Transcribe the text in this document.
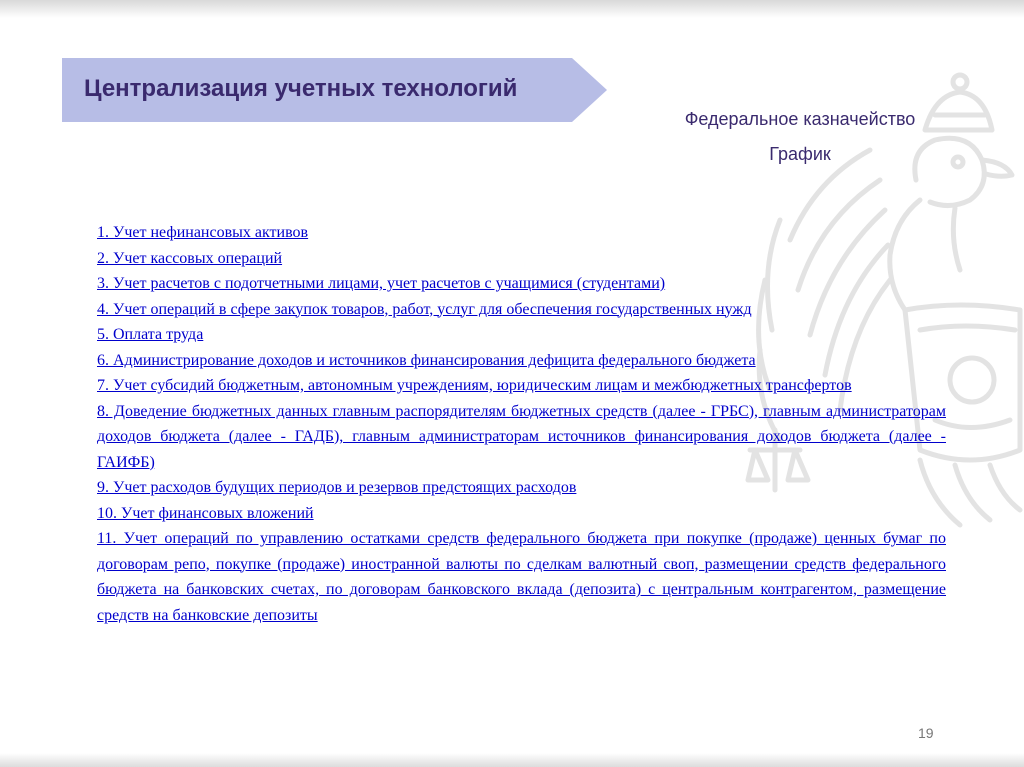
Централизация учетных технологий
Федеральное казначейство
График
1. Учет нефинансовых активов
2. Учет кассовых операций
3. Учет расчетов с подотчетными лицами, учет расчетов с учащимися (студентами)
4. Учет операций в сфере закупок товаров, работ, услуг для обеспечения государственных нужд
5. Оплата труда
6. Администрирование доходов и источников финансирования дефицита федерального бюджета
7. Учет субсидий бюджетным, автономным учреждениям, юридическим лицам и межбюджетных трансфертов
8. Доведение бюджетных данных главным распорядителям бюджетных средств (далее - ГРБС), главным администраторам доходов бюджета (далее - ГАДБ), главным администраторам источников финансирования доходов бюджета (далее - ГАИФБ)
9. Учет расходов будущих периодов и резервов предстоящих расходов
10. Учет финансовых вложений
11. Учет операций по управлению остатками средств федерального бюджета при покупке (продаже) ценных бумаг по договорам репо, покупке (продаже) иностранной валюты по сделкам валютный своп, размещении средств федерального бюджета на банковских счетах, по договорам банковского вклада (депозита) с центральным контрагентом, размещение средств на банковские депозиты
19
